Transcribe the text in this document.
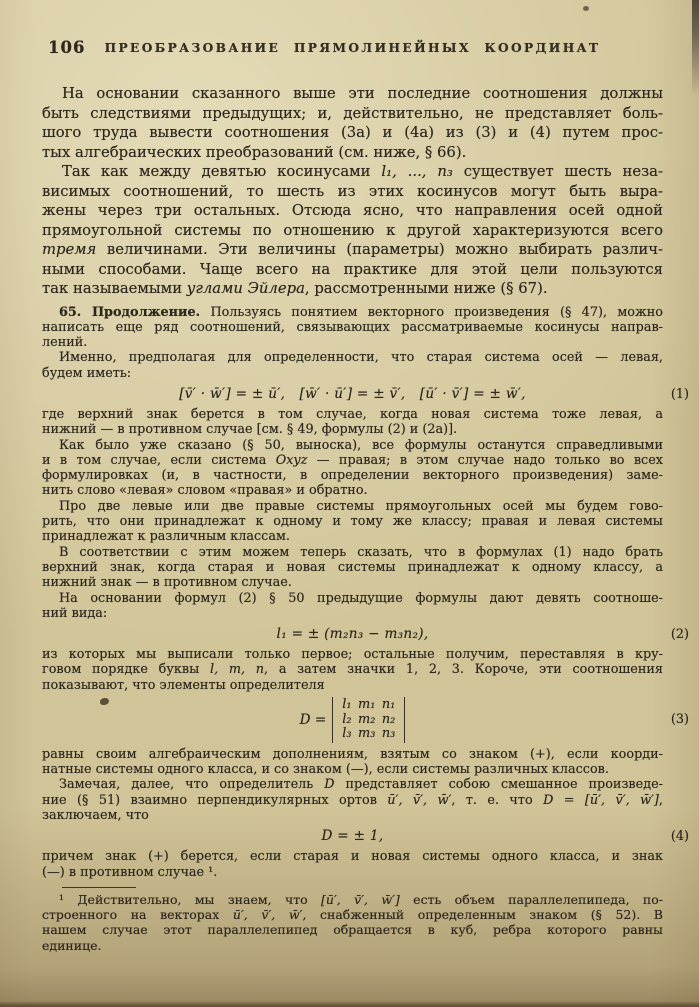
106	ПРЕОБРАЗОВАНИЕ ПРЯМОЛИНЕЙНЫХ КООРДИНАТ
На основании сказанного выше эти последние соотношения должны
быть следствиями предыдущих; и, действительно, не представляет боль-
шого труда вывести соотношения (3а) и (4а) из (3) и (4) путем прос-
тых алгебраических преобразований (см. ниже, § 66).
Так как между девятью косинусами l₁, ..., n₃ существует шесть неза-
висимых соотношений, то шесть из этих косинусов могут быть выра-
жены через три остальных. Отсюда ясно, что направления осей одной
прямоугольной системы по отношению к другой характеризуются всего
тремя величинами. Эти величины (параметры) можно выбирать различ-
ными способами. Чаще всего на практике для этой цели пользуются
так называемыми углами Эйлера, рассмотренными ниже (§ 67).
65. Продолжение. Пользуясь понятием векторного произведения (§ 47), можно
написать еще ряд соотношений, связывающих рассматриваемые косинусы направ-
лений.
Именно, предполагая для определенности, что старая система осей — левая,
будем иметь:
[v̄′ · w̄′] = ± ū′,  [w̄′ · ū′] = ± v̄′,  [ū′ · v̄′] = ± w̄′,	(1)
где верхний знак берется в том случае, когда новая система тоже левая, а
нижний — в противном случае [см. § 49, формулы (2) и (2а)].
Как было уже сказано (§ 50, выноска), все формулы останутся справедливыми
и в том случае, если система Oxyz — правая; в этом случае надо только во всех
формулировках (и, в частности, в определении векторного произведения) заме-
нить слово «левая» словом «правая» и обратно.
Про две левые или две правые системы прямоугольных осей мы будем гово-
рить, что они принадлежат к одному и тому же классу; правая и левая системы
принадлежат к различным классам.
В соответствии с этим можем теперь сказать, что в формулах (1) надо брать
верхний знак, когда старая и новая системы принадлежат к одному классу, а
нижний знак — в противном случае.
На основании формул (2) § 50 предыдущие формулы дают девять соотноше-
ний вида:
l₁ = ± (m₂n₃ − m₃n₂),	(2)
из которых мы выписали только первое; остальные получим, переставляя в кру-
говом порядке буквы l, m, n, а затем значки 1, 2, 3. Короче, эти соотношения
показывают, что элементы определителя
D =
l₁ m₁ n₁
l₂ m₂ n₂
l₃ m₃ n₃
(3)
равны своим алгебраическим дополнениям, взятым со знаком (+), если коорди-
натные системы одного класса, и со знаком (—), если системы различных классов.
Замечая, далее, что определитель D представляет собою смешанное произведе-
ние (§ 51) взаимно перпендикулярных ортов ū′, v̄′, w̄′, т. е. что D = [ū′, v̄′, w̄′],
заключаем, что
D = ± 1,	(4)
причем знак (+) берется, если старая и новая системы одного класса, и знак
(—) в противном случае ¹.
¹ Действительно, мы знаем, что [ū′, v̄′, w̄′] есть объем параллелепипеда, по-
строенного на векторах ū′, v̄′, w̄′, снабженный определенным знаком (§ 52). В
нашем случае этот параллелепипед обращается в куб, ребра которого равны
единице.
